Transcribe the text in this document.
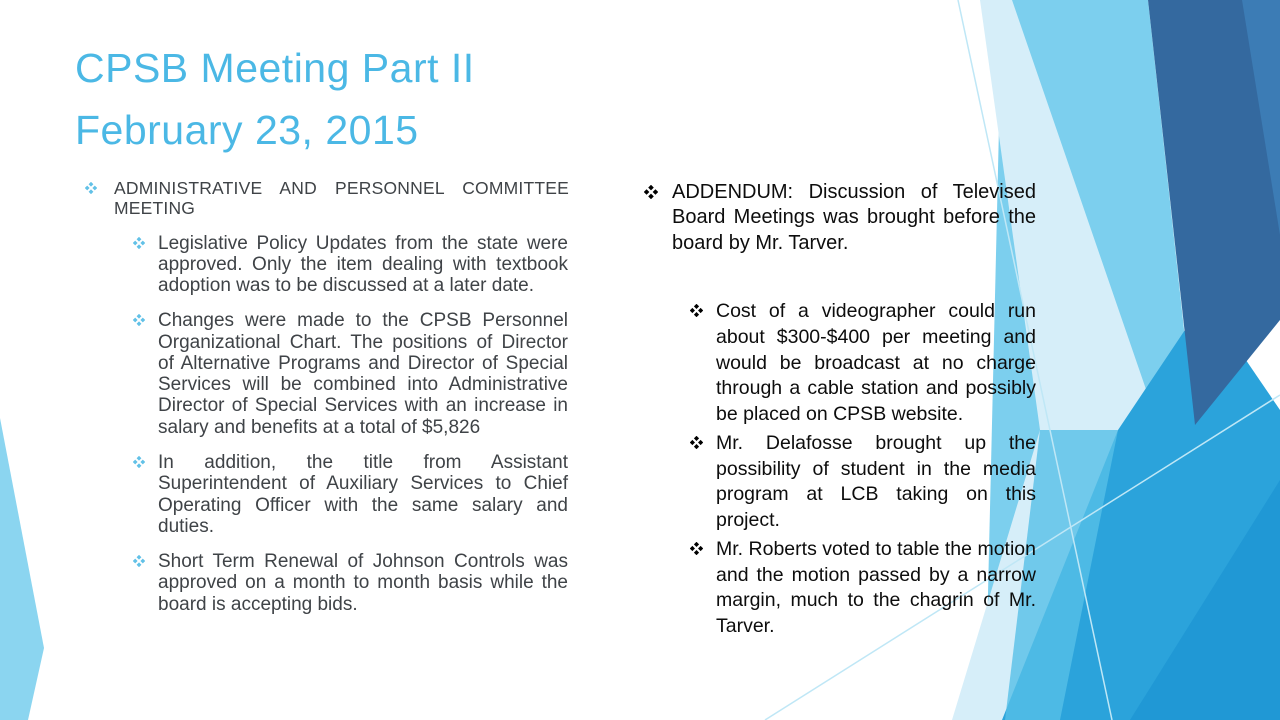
CPSB Meeting Part II
February 23, 2015
ADMINISTRATIVE AND PERSONNEL COMMITTEE MEETING
Legislative Policy Updates from the state were approved. Only the item dealing with textbook adoption was to be discussed at a later date.
Changes were made to the CPSB Personnel Organizational Chart. The positions of Director of Alternative Programs and Director of Special Services will be combined into Administrative Director of Special Services with an increase in salary and benefits at a total of $5,826
In addition, the title from Assistant Superintendent of Auxiliary Services to Chief Operating Officer with the same salary and duties.
Short Term Renewal of Johnson Controls was approved on a month to month basis while the board is accepting bids.
ADDENDUM: Discussion of Televised Board Meetings was brought before the board by Mr. Tarver.
Cost of a videographer could run about $300-$400 per meeting and would be broadcast at no charge through a cable station and possibly be placed on CPSB website.
Mr. Delafosse brought up the possibility of student in the media program at LCB taking on this project.
Mr. Roberts voted to table the motion and the motion passed by a narrow margin, much to the chagrin of Mr. Tarver.
